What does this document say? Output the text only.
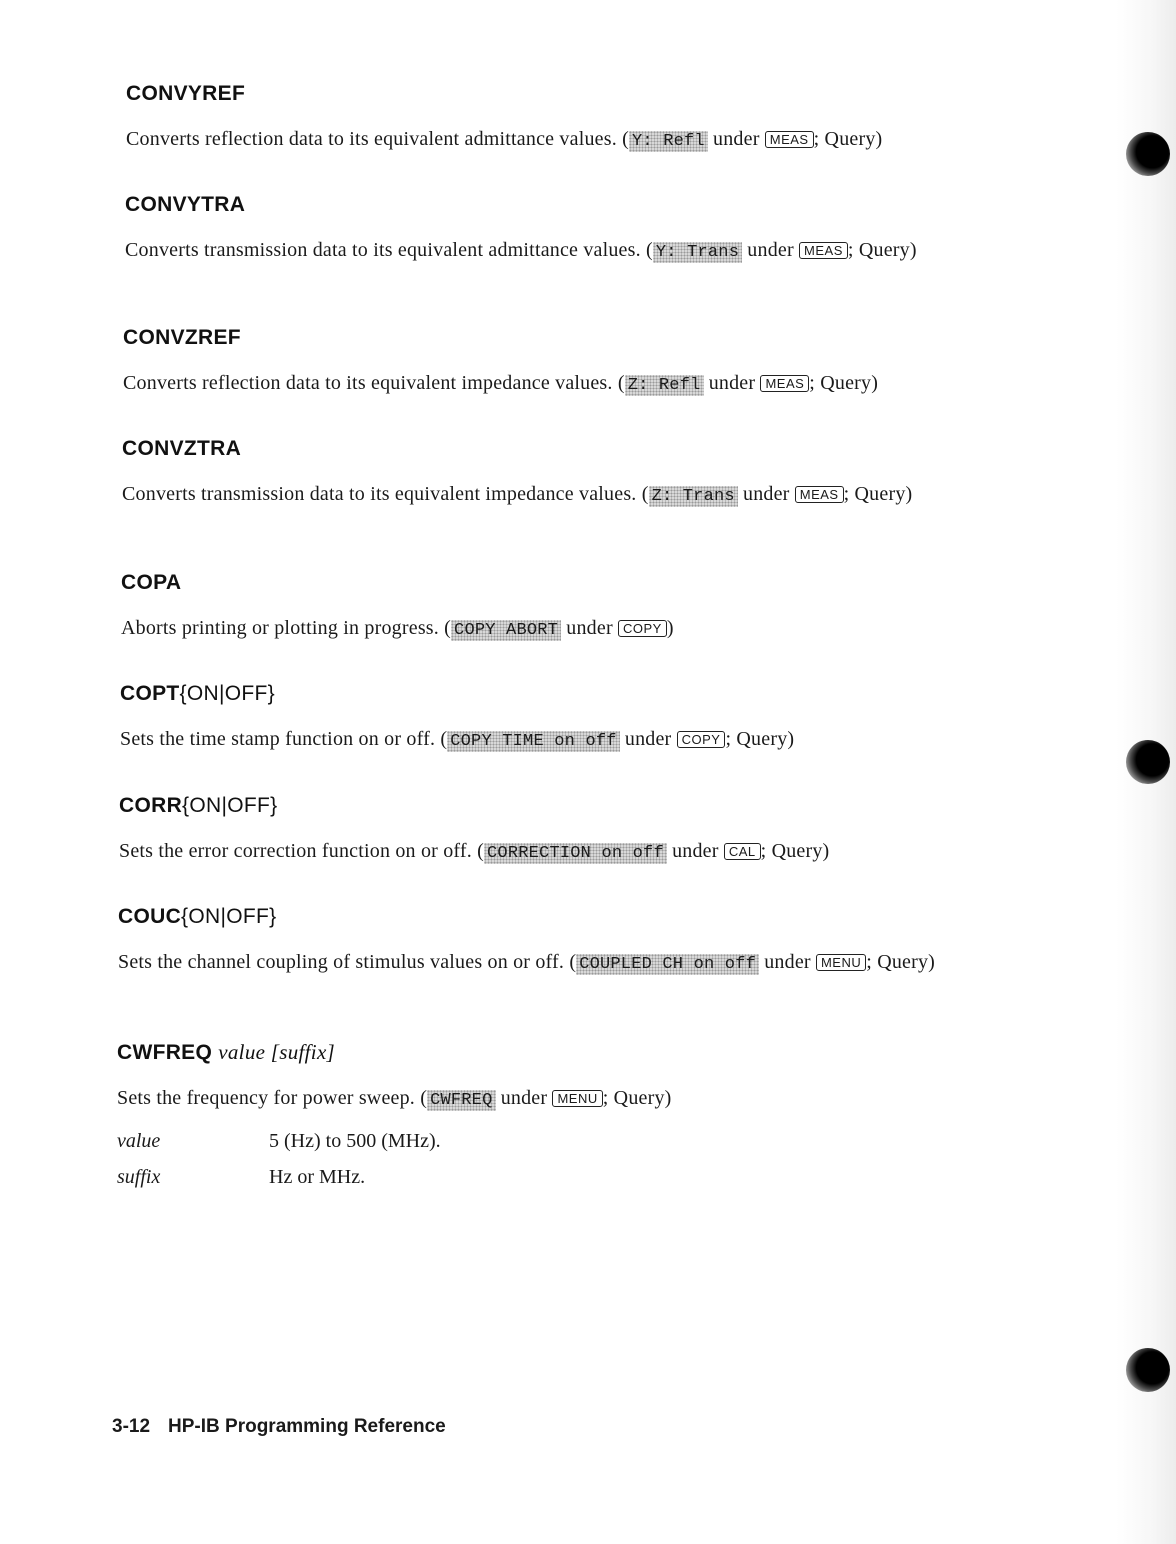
CONVYREF

Converts reflection data to its equivalent admittance values. ( Y: Refl under MEAS ; Query)

CONVYTRA

Converts transmission data to its equivalent admittance values. ( Y: Trans under MEAS ; Query)

CONVZREF

Converts reflection data to its equivalent impedance values. ( Z: Refl under MEAS ; Query)

CONVZTRA

Converts transmission data to its equivalent impedance values. ( Z: Trans under MEAS ; Query)

COPA

Aborts printing or plotting in progress. ( COPY ABORT under COPY )

COPT{ON|OFF}

Sets the time stamp function on or off. ( COPY TIME on off under COPY ; Query)

CORR{ON|OFF}

Sets the error correction function on or off. ( CORRECTION on off under CAL ; Query)

COUC{ON|OFF}

Sets the channel coupling of stimulus values on or off. ( COUPLED CH on off under MENU ; Query)

CWFREQ value [suffix]

Sets the frequency for power sweep. ( CWFREQ under MENU ; Query)

value	5 (Hz) to 500 (MHz).
suffix	Hz or MHz.
3-12 HP-IB Programming Reference
